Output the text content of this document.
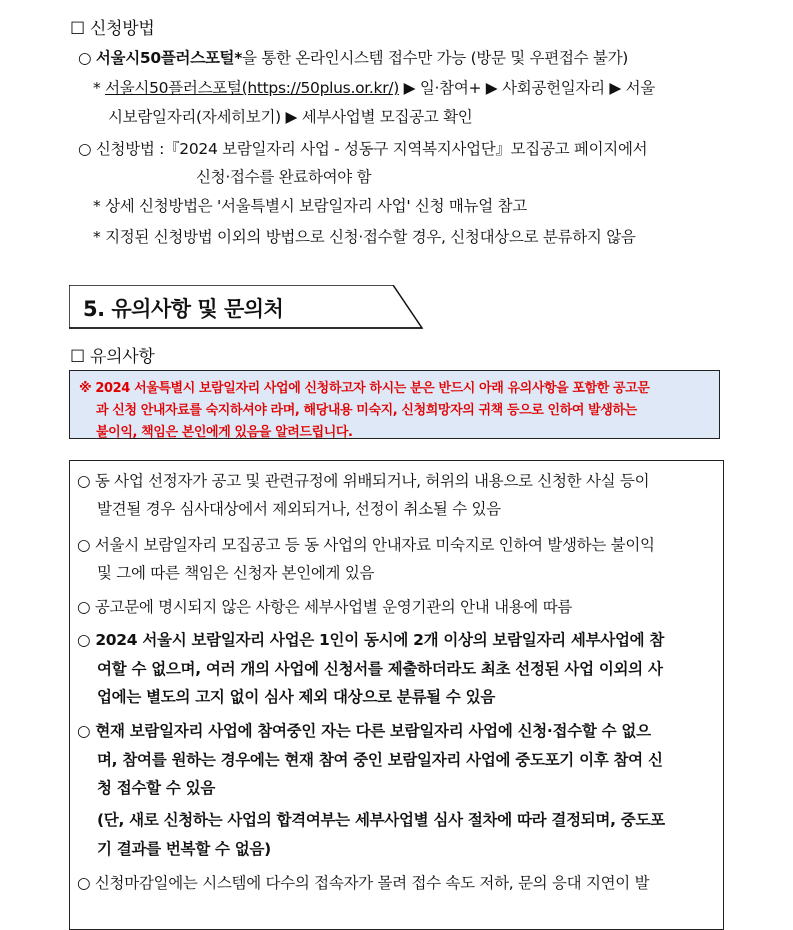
☐ 신청방법
○ 서울시50플러스포털*을 통한 온라인시스템 접수만 가능 (방문 및 우편접수 불가)
* 서울시50플러스포털(https://50plus.or.kr/) ▶ 일·참여+ ▶ 사회공헌일자리 ▶ 서울
시보람일자리(자세히보기) ▶ 세부사업별 모집공고 확인
○ 신청방법 :『2024 보람일자리 사업 - 성동구 지역복지사업단』모집공고 페이지에서
신청·접수를 완료하여야 함
* 상세 신청방법은 '서울특별시 보람일자리 사업' 신청 매뉴얼 참고
* 지정된 신청방법 이외의 방법으로 신청·접수할 경우, 신청대상으로 분류하지 않음
5. 유의사항 및 문의처
☐ 유의사항
※ 2024 서울특별시 보람일자리 사업에 신청하고자 하시는 분은 반드시 아래 유의사항을 포함한 공고문
과 신청 안내자료를 숙지하셔야 라며, 해당내용 미숙지, 신청희망자의 귀책 등으로 인하여 발생하는
불이익, 책임은 본인에게 있음을 알려드립니다.
○ 동 사업 선정자가 공고 및 관련규정에 위배되거나, 허위의 내용으로 신청한 사실 등이
발견될 경우 심사대상에서 제외되거나, 선정이 취소될 수 있음
○ 서울시 보람일자리 모집공고 등 동 사업의 안내자료 미숙지로 인하여 발생하는 불이익
및 그에 따른 책임은 신청자 본인에게 있음
○ 공고문에 명시되지 않은 사항은 세부사업별 운영기관의 안내 내용에 따름
○ 2024 서울시 보람일자리 사업은 1인이 동시에 2개 이상의 보람일자리 세부사업에 참
여할 수 없으며, 여러 개의 사업에 신청서를 제출하더라도 최초 선정된 사업 이외의 사
업에는 별도의 고지 없이 심사 제외 대상으로 분류될 수 있음
○ 현재 보람일자리 사업에 참여중인 자는 다른 보람일자리 사업에 신청·접수할 수 없으
며, 참여를 원하는 경우에는 현재 참여 중인 보람일자리 사업에 중도포기 이후 참여 신
청 접수할 수 있음
(단, 새로 신청하는 사업의 합격여부는 세부사업별 심사 절차에 따라 결정되며, 중도포
기 결과를 번복할 수 없음)
○ 신청마감일에는 시스템에 다수의 접속자가 몰려 접수 속도 저하, 문의 응대 지연이 발
